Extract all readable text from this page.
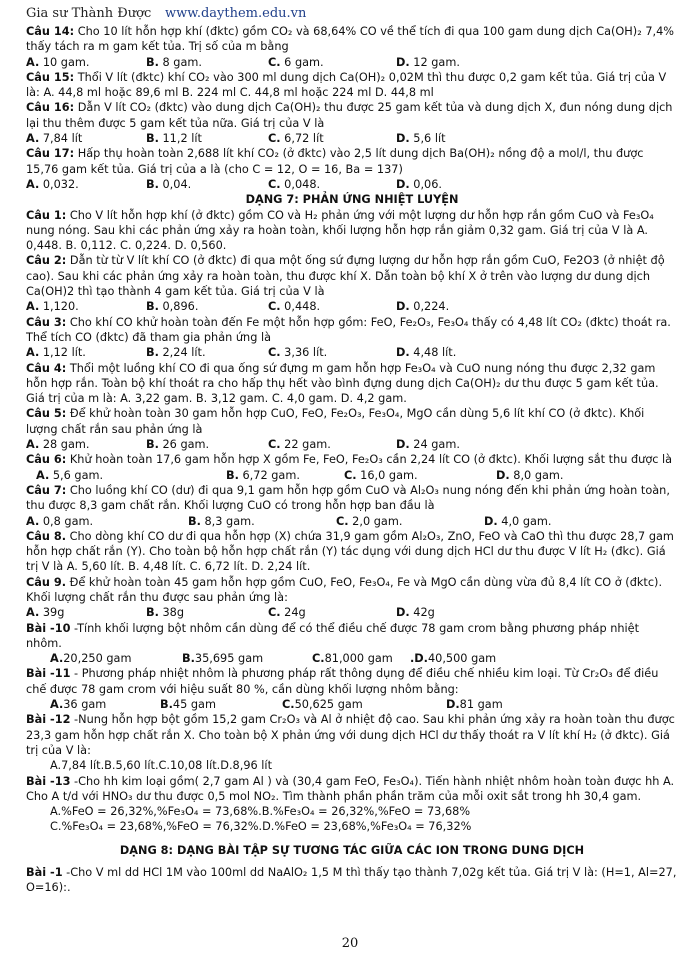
Gia sư Thành Được www.daythem.edu.vn

Câu 14: Cho 10 lít hỗn hợp khí (đktc) gồm CO₂ và 68,64% CO về thể tích đi qua 100 gam dung dịch Ca(OH)₂ 7,4% thấy tách ra m gam kết tủa. Trị số của m bằng

A. 10 gam.	B. 8 gam.	C. 6 gam.	D. 12 gam.

Câu 15: Thổi V lít (đktc) khí CO₂ vào 300 ml dung dịch Ca(OH)₂ 0,02M thì thu được 0,2 gam kết tủa. Giá trị của V là: A. 44,8 ml hoặc 89,6 ml B. 224 ml C. 44,8 ml hoặc 224 ml D. 44,8 ml

Câu 16: Dẫn V lít CO₂ (đktc) vào dung dịch Ca(OH)₂ thu được 25 gam kết tủa và dung dịch X, đun nóng dung dịch lại thu thêm được 5 gam kết tủa nữa. Giá trị của V là

A. 7,84 lít	B. 11,2 lít	C. 6,72 lít	D. 5,6 lít

Câu 17: Hấp thụ hoàn toàn 2,688 lít khí CO₂ (ở đktc) vào 2,5 lít dung dịch Ba(OH)₂ nồng độ a mol/l, thu được 15,76 gam kết tủa. Giá trị của a là (cho C = 12, O = 16, Ba = 137)

A. 0,032.	B. 0,04.	C. 0,048.	D. 0,06.

DẠNG 7: PHẢN ỨNG NHIỆT LUYỆN

Câu 1: Cho V lít hỗn hợp khí (ở đktc) gồm CO và H₂ phản ứng với một lượng dư hỗn hợp rắn gồm CuO và Fe₃O₄ nung nóng. Sau khi các phản ứng xảy ra hoàn toàn, khối lượng hỗn hợp rắn giảm 0,32 gam. Giá trị của V là A. 0,448. B. 0,112. C. 0,224. D. 0,560.

Câu 2: Dẫn từ từ V lít khí CO (ở đktc) đi qua một ống sứ đựng lượng dư hỗn hợp rắn gồm CuO, Fe2O3 (ở nhiệt độ cao). Sau khi các phản ứng xảy ra hoàn toàn, thu được khí X. Dẫn toàn bộ khí X ở trên vào lượng dư dung dịch Ca(OH)2 thì tạo thành 4 gam kết tủa. Giá trị của V là

A. 1,120.	B. 0,896.	C. 0,448.	D. 0,224.

Câu 3: Cho khí CO khử hoàn toàn đến Fe một hỗn hợp gồm: FeO, Fe₂O₃, Fe₃O₄ thấy có 4,48 lít CO₂ (đktc) thoát ra. Thể tích CO (đktc) đã tham gia phản ứng là

A. 1,12 lít.	B. 2,24 lít.	C. 3,36 lít.	D. 4,48 lít.

Câu 4: Thổi một luồng khí CO đi qua ống sứ đựng m gam hỗn hợp Fe₃O₄ và CuO nung nóng thu được 2,32 gam hỗn hợp rắn. Toàn bộ khí thoát ra cho hấp thụ hết vào bình đựng dung dịch Ca(OH)₂ dư thu được 5 gam kết tủa. Giá trị của m là: A. 3,22 gam. B. 3,12 gam. C. 4,0 gam. D. 4,2 gam.

Câu 5: Để khử hoàn toàn 30 gam hỗn hợp CuO, FeO, Fe₂O₃, Fe₃O₄, MgO cần dùng 5,6 lít khí CO (ở đktc). Khối lượng chất rắn sau phản ứng là

A. 28 gam.	B. 26 gam.	C. 22 gam.	D. 24 gam.

Câu 6: Khử hoàn toàn 17,6 gam hỗn hợp X gồm Fe, FeO, Fe₂O₃ cần 2,24 lít CO (ở đktc). Khối lượng sắt thu được là

A. 5,6 gam.	B. 6,72 gam.	C. 16,0 gam.	D. 8,0 gam.

Câu 7: Cho luồng khí CO (dư) đi qua 9,1 gam hỗn hợp gồm CuO và Al₂O₃ nung nóng đến khi phản ứng hoàn toàn, thu được 8,3 gam chất rắn. Khối lượng CuO có trong hỗn hợp ban đầu là

A. 0,8 gam.	B. 8,3 gam.	C. 2,0 gam.	D. 4,0 gam.

Câu 8. Cho dòng khí CO dư đi qua hỗn hợp (X) chứa 31,9 gam gồm Al₂O₃, ZnO, FeO và CaO thì thu được 28,7 gam hỗn hợp chất rắn (Y). Cho toàn bộ hỗn hợp chất rắn (Y) tác dụng với dung dịch HCl dư thu được V lít H₂ (đkc). Giá trị V là A. 5,60 lít. B. 4,48 lít. C. 6,72 lít. D. 2,24 lít.

Câu 9. Để khử hoàn toàn 45 gam hỗn hợp gồm CuO, FeO, Fe₃O₄, Fe và MgO cần dùng vừa đủ 8,4 lít CO ở (đktc). Khối lượng chất rắn thu được sau phản ứng là:

A. 39g	B. 38g	C. 24g	D. 42g

Bài -10 -Tính khối lượng bột nhôm cần dùng để có thể điều chế được 78 gam crom bằng phương pháp nhiệt nhôm.

A.20,250 gam	B.35,695 gam	C.81,000 gam	.D.40,500 gam

Bài -11 - Phương pháp nhiệt nhôm là phương pháp rất thông dụng để điều chế nhiều kim loại. Từ Cr₂O₃ để điều chế được 78 gam crom với hiệu suất 80 %, cần dùng khối lượng nhôm bằng:

A.36 gam	B.45 gam	C.50,625 gam	D.81 gam

Bài -12 -Nung hỗn hợp bột gồm 15,2 gam Cr₂O₃ và Al ở nhiệt độ cao. Sau khi phản ứng xảy ra hoàn toàn thu được 23,3 gam hỗn hợp chất rắn X. Cho toàn bộ X phản ứng với dung dịch HCl dư thấy thoát ra V lít khí H₂ (ở đktc). Giá trị của V là:

A.7,84 lít.B.5,60 lít.C.10,08 lít.D.8,96 lít

Bài -13 -Cho hh kim loại gồm( 2,7 gam Al ) và (30,4 gam FeO, Fe₃O₄). Tiến hành nhiệt nhôm hoàn toàn được hh A. Cho A t/d với HNO₃ dư thu được 0,5 mol NO₂. Tìm thành phần phần trăm của mỗi oxit sắt trong hh 30,4 gam.

A.%FeO = 26,32%,%Fe₃O₄ = 73,68%.B.%Fe₃O₄ = 26,32%,%FeO = 73,68%

C.%Fe₃O₄ = 23,68%,%FeO = 76,32%.D.%FeO = 23,68%,%Fe₃O₄ = 76,32%

DẠNG 8: DẠNG BÀI TẬP SỰ TƯƠNG TÁC GIỮA CÁC ION TRONG DUNG DỊCH

Bài -1 -Cho V ml dd HCl 1M vào 100ml dd NaAlO₂ 1,5 M thì thấy tạo thành 7,02g kết tủa. Giá trị V là: (H=1, Al=27, O=16):.

20
